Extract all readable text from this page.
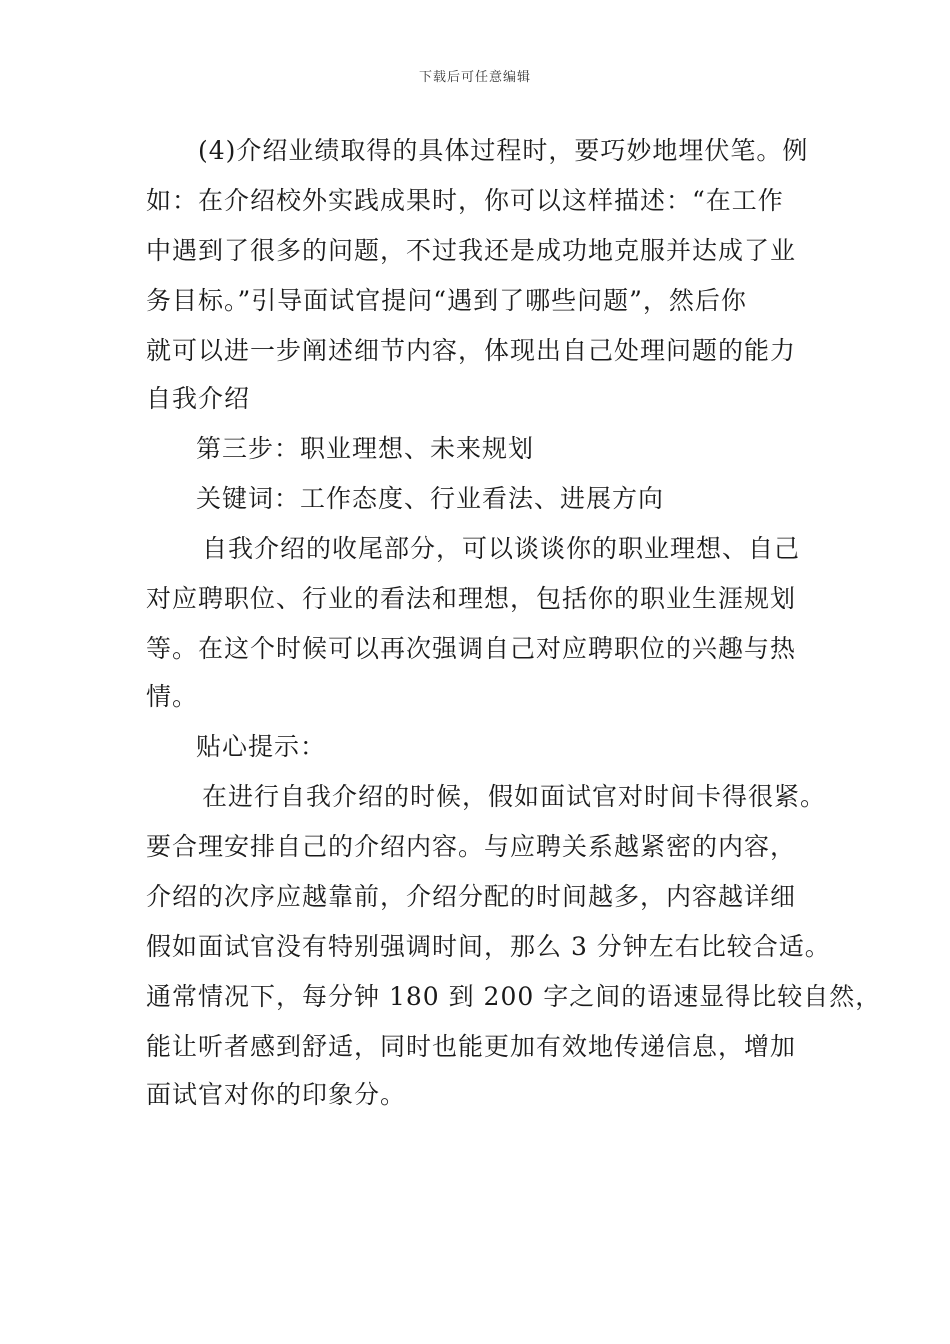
下载后可任意编辑
(4)介绍业绩取得的具体过程时，要巧妙地埋伏笔。例
如：在介绍校外实践成果时，你可以这样描述：“在工作
中遇到了很多的问题，不过我还是成功地克服并达成了业
务目标。”引导面试官提问“遇到了哪些问题”，然后你
就可以进一步阐述细节内容，体现出自己处理问题的能力
自我介绍
第三步：职业理想、未来规划
关键词：工作态度、行业看法、进展方向
自我介绍的收尾部分，可以谈谈你的职业理想、自己
对应聘职位、行业的看法和理想，包括你的职业生涯规划
等。在这个时候可以再次强调自己对应聘职位的兴趣与热
情。
贴心提示：
在进行自我介绍的时候，假如面试官对时间卡得很紧。
要合理安排自己的介绍内容。与应聘关系越紧密的内容，
介绍的次序应越靠前，介绍分配的时间越多，内容越详细
假如面试官没有特别强调时间，那么 3 分钟左右比较合适。
通常情况下，每分钟 180 到 200 字之间的语速显得比较自然，
能让听者感到舒适，同时也能更加有效地传递信息，增加
面试官对你的印象分。
